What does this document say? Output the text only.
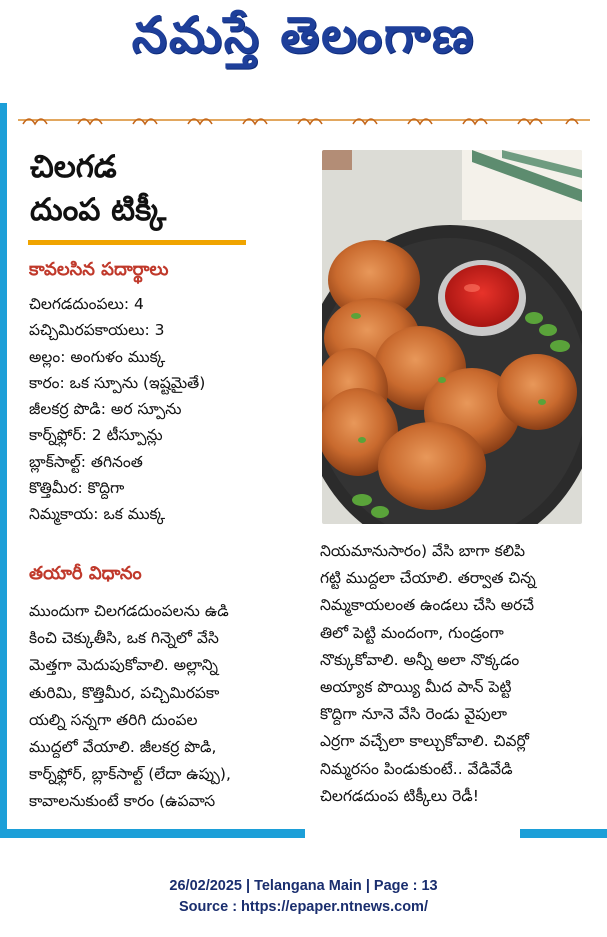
నమస్తే తెలంగాణ
చిలగడ
దుంప టిక్కీ
కావలసిన పదార్థాలు
చిలగడదుంపలు: 4
పచ్చిమిరపకాయలు: 3
అల్లం: అంగుళం ముక్క
కారం: ఒక స్పూను (ఇష్టమైతే)
జీలకర్ర పొడి: అర స్పూను
కార్న్‌ఫ్లోర్: 2 టీస్పూన్లు
బ్లాక్‌సాల్ట్: తగినంత
కొత్తిమీర: కొద్దిగా
నిమ్మకాయ: ఒక ముక్క
తయారీ విధానం
ముందుగా చిలగడదుంపలను ఉడి
కించి చెక్కుతీసి, ఒక గిన్నెలో వేసి
మెత్తగా మెదుపుకోవాలి. అల్లాన్ని
తురిమి, కొత్తిమీర, పచ్చిమిరపకా
యల్ని సన్నగా తరిగి దుంపల
ముద్దలో వేయాలి. జీలకర్ర పొడి,
కార్న్‌ఫ్లోర్, బ్లాక్‌సాల్ట్ (లేదా ఉప్పు),
కావాలనుకుంటే కారం (ఉపవాస
నియమానుసారం) వేసి బాగా కలిపి
గట్టి ముద్దలా చేయాలి. తర్వాత చిన్న
నిమ్మకాయలంత ఉండలు చేసి అరచే
తిలో పెట్టి మందంగా, గుండ్రంగా
నొక్కుకోవాలి. అన్నీ అలా నొక్కడం
అయ్యాక పొయ్యి మీద పాన్ పెట్టి
కొద్దిగా నూనె వేసి రెండు వైపులా
ఎర్రగా వచ్చేలా కాల్చుకోవాలి. చివర్లో
నిమ్మరసం పిండుకుంటే.. వేడివేడి
చిలగడదుంప టిక్కీలు రెడీ!
26/02/2025 | Telangana Main | Page : 13
Source : https://epaper.ntnews.com/
